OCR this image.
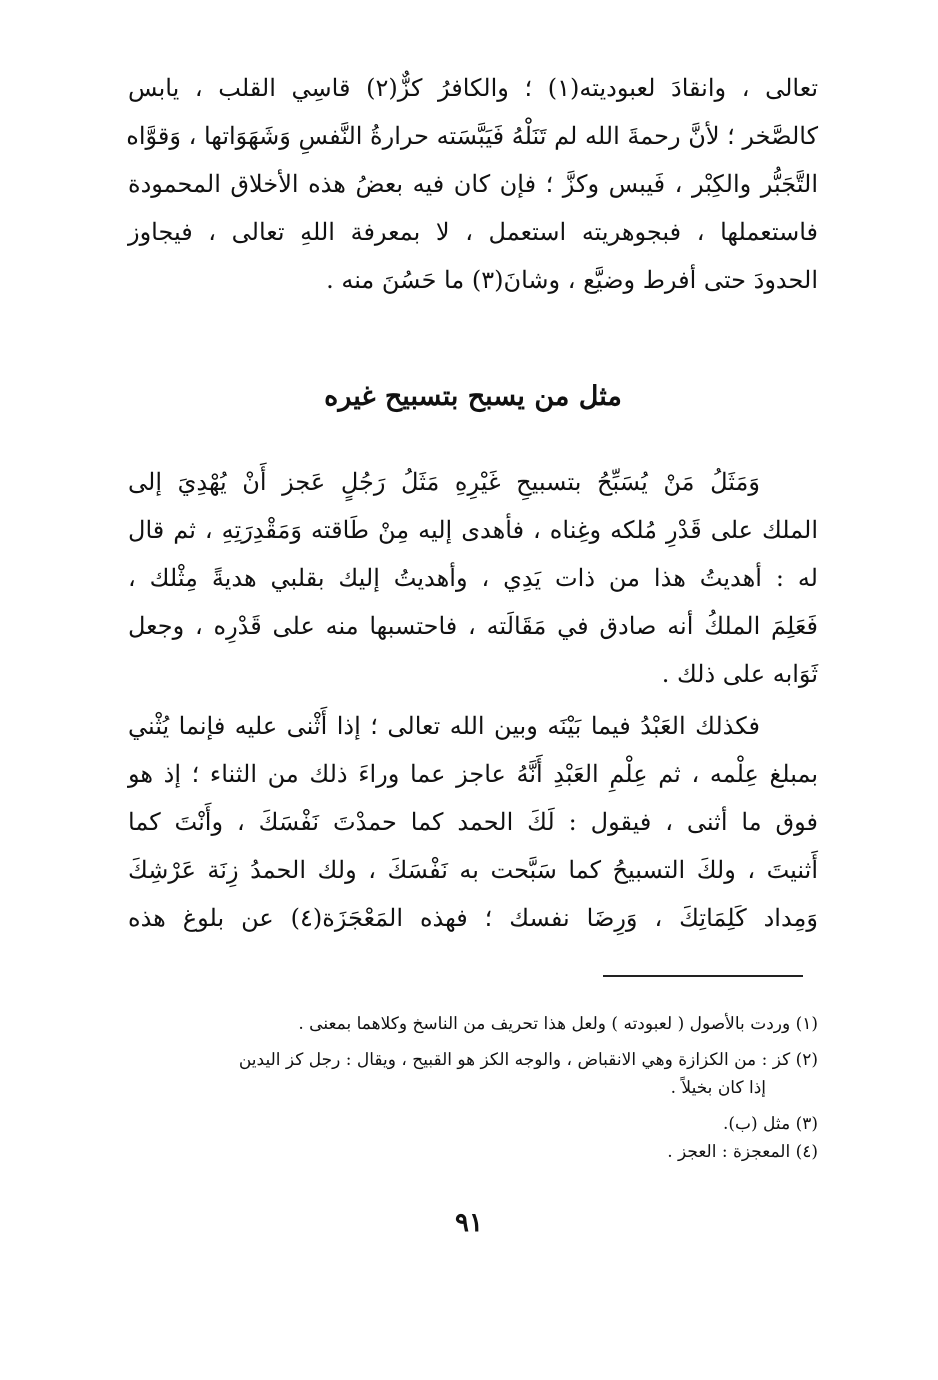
تعالى ، وانقادَ لعبوديته(١) ؛ والكافرُ كزٌّ(٢) قاسِي القلب ، يابس
كالصَّخر ؛ لأنَّ رحمةَ الله لم تَنَلْهُ فَيَبَّسَته حرارةُ النَّفسِ وَشَهَوَاتها ، وَقوَّاه
التَّجَبُّر والكِبْر ، فَيبس وكزَّ ؛ فإن كان فيه بعضُ هذه الأخلاق المحمودة
فاستعملها ، فبجوهريته استعمل ، لا بمعرفة اللهِ تعالى ، فيجاوز
الحدودَ حتى أفرط وضيَّع ، وشانَ(٣) ما حَسُنَ منه .
مثل من يسبح بتسبيح غيره
وَمَثَلُ مَنْ يُسَبِّحُ بتسبيحِ غَيْرِهِ مَثَلُ رَجُلٍ عَجز أَنْ يُهْدِيَ إلى
الملك على قَدْرِ مُلكه وغِناه ، فأهدى إليه مِنْ طَاقته وَمَقْدِرَتِهِ ، ثم قال
له : أهديتُ هذا من ذات يَدِي ، وأهديتُ إليك بقلبي هديةً مِثْلك ،
فَعَلِمَ الملكُ أنه صادق في مَقَالَته ، فاحتسبها منه على قَدْرِه ، وجعل
ثَوَابه على ذلك .
فكذلك العَبْدُ فيما بَيْنَه وبين الله تعالى ؛ إذا أَثْنى عليه فإنما يُثْني
بمبلغ عِلْمه ، ثم عِلْمِ العَبْدِ أَنَّهُ عاجز عما وراءَ ذلك من الثناء ؛ إذ هو
فوق ما أثنى ، فيقول : لَكَ الحمد كما حمدْتَ نَفْسَكَ ، وأَنْتَ كما
أَثنيتَ ، ولكَ التسبيحُ كما سَبَّحت به نَفْسَكَ ، ولك الحمدُ زِنَة عَرْشِكَ
وَمِداد كَلِمَاتِكَ ، وَرِضَا نفسك ؛ فهذه المَعْجَزَة(٤) عن بلوغ هذه
(١) وردت بالأصول ( لعبودته ) ولعل هذا تحريف من الناسخ وكلاهما بمعنى .
(٢) كز : من الكزازة وهي الانقباض ، والوجه الكز هو القبيح ، ويقال : رجل كز اليدين
إذا كان بخيلاً .
(٣) مثل (ب).
(٤) المعجزة : العجز .
٩١
